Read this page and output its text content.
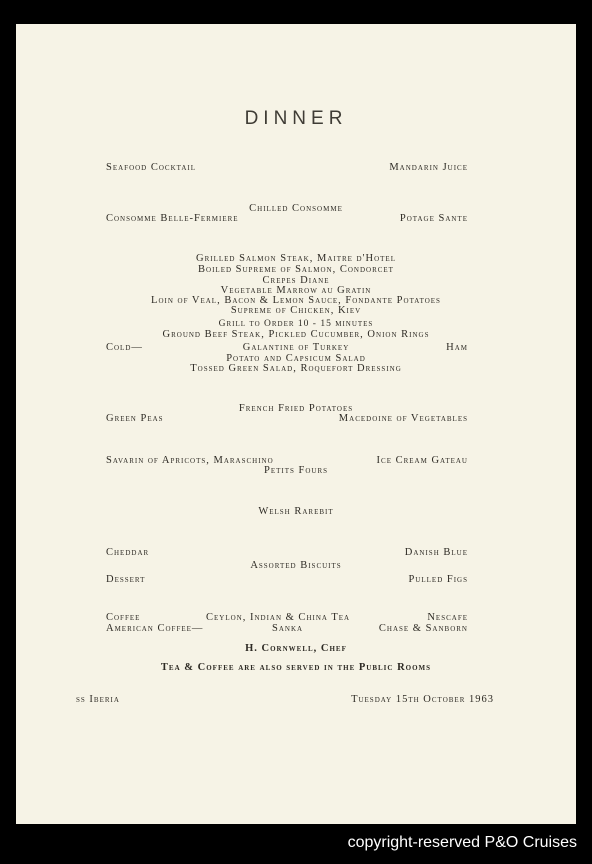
DINNER
Seafood Cocktail	Mandarin Juice
Chilled Consomme
Consomme Belle-Fermiere	Potage Sante
Grilled Salmon Steak, Maitre d'Hotel
Boiled Supreme of Salmon, Condorcet
Crepes Diane
Vegetable Marrow au Gratin
Loin of Veal, Bacon & Lemon Sauce, Fondante Potatoes
Supreme of Chicken, Kiev
Grill to Order 10 - 15 minutes
Ground Beef Steak, Pickled Cucumber, Onion Rings
Cold—	Galantine of Turkey	Ham
Potato and Capsicum Salad
Tossed Green Salad, Roquefort Dressing
French Fried Potatoes
Green Peas	Macedoine of Vegetables
Savarin of Apricots, Maraschino	Ice Cream Gateau
Petits Fours
Welsh Rarebit
Cheddar	Danish Blue
Assorted Biscuits
Dessert	Pulled Figs
Coffee	Ceylon, Indian & China Tea	Nescafe
American Coffee—	Sanka	Chase & Sanborn
H. Cornwell, Chef
Tea & Coffee are also served in the Public Rooms
ss Iberia	Tuesday 15th October 1963
copyright-reserved P&O Cruises
